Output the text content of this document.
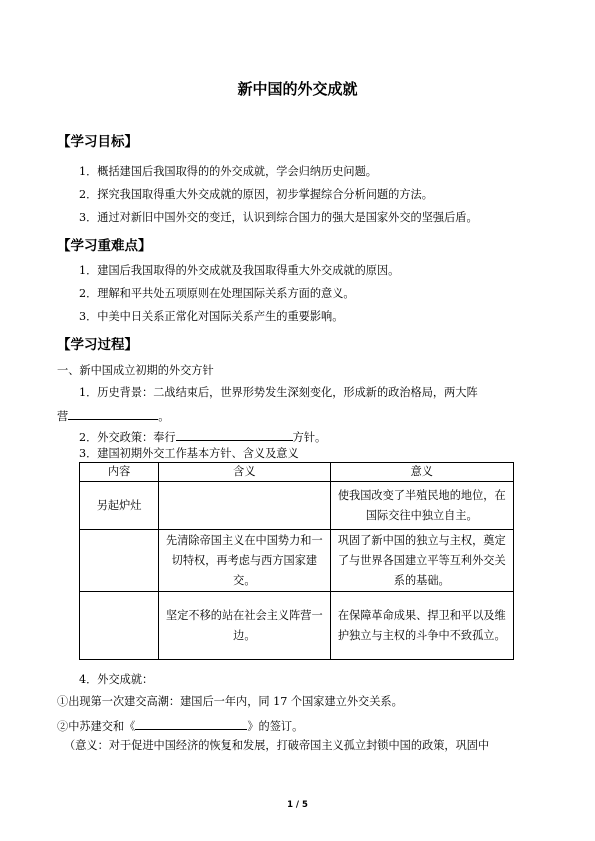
新中国的外交成就
【学习目标】
1．概括建国后我国取得的的外交成就，学会归纳历史问题。
2．探究我国取得重大外交成就的原因，初步掌握综合分析问题的方法。
3．通过对新旧中国外交的变迁，认识到综合国力的强大是国家外交的坚强后盾。
【学习重难点】
1．建国后我国取得的外交成就及我国取得重大外交成就的原因。
2．理解和平共处五项原则在处理国际关系方面的意义。
3．中美中日关系正常化对国际关系产生的重要影响。
【学习过程】
一、新中国成立初期的外交方针
1．历史背景：二战结束后，世界形势发生深刻变化，形成新的政治格局，两大阵
营	。
2．外交政策：奉行	方针。
3．建国初期外交工作基本方针、含义及意义
内容	含义	意义
另起炉灶		使我国改变了半殖民地的地位，在国际交往中独立自主。
	先清除帝国主义在中国势力和一切特权，再考虑与西方国家建交。	巩固了新中国的独立与主权，奠定了与世界各国建立平等互利外交关系的基础。
	坚定不移的站在社会主义阵营一边。	在保障革命成果、捍卫和平以及维护独立与主权的斗争中不致孤立。
4．外交成就：
①出现第一次建交高潮：建国后一年内，同 17 个国家建立外交关系。
②中苏建交和《	》的签订。
（意义：对于促进中国经济的恢复和发展，打破帝国主义孤立封锁中国的政策，巩固中
1 / 5
